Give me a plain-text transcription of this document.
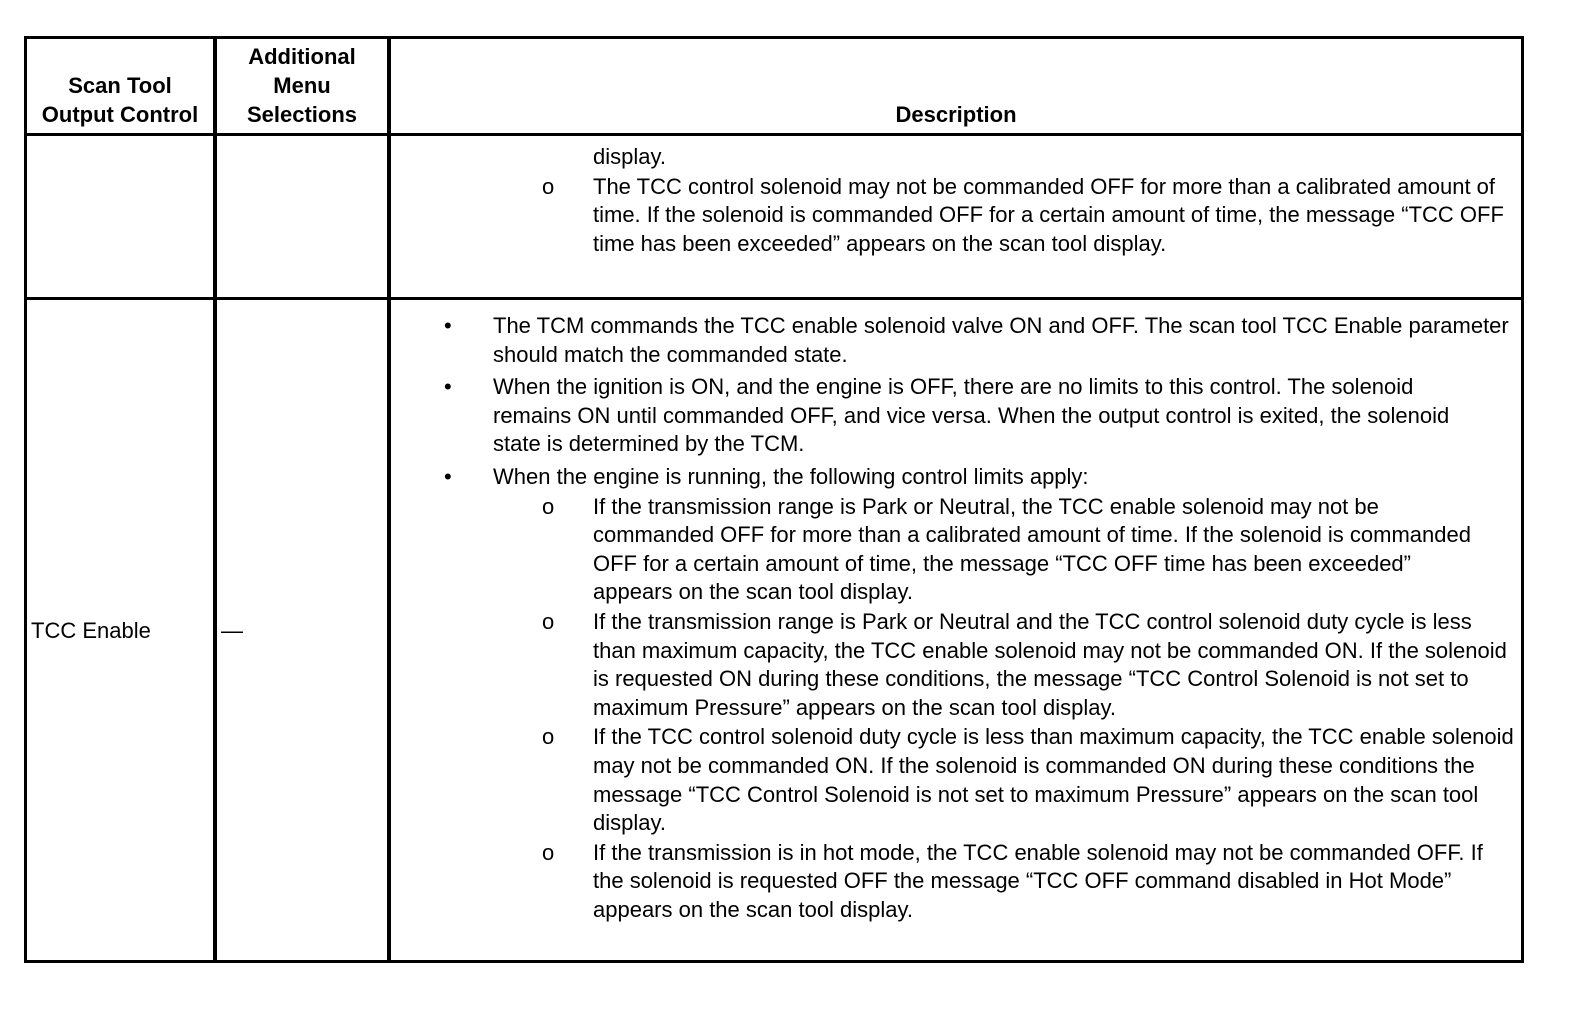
Scan Tool
Output Control
Additional
Menu
Selections	Description
display.
o The TCC control solenoid may not be commanded OFF for more than a calibrated amount of time. If the solenoid is commanded OFF for a certain amount of time, the message “TCC OFF time has been exceeded” appears on the scan tool display.
TCC Enable	—
• The TCM commands the TCC enable solenoid valve ON and OFF. The scan tool TCC Enable parameter should match the commanded state.
• When the ignition is ON, and the engine is OFF, there are no limits to this control. The solenoid remains ON until commanded OFF, and vice versa. When the output control is exited, the solenoid state is determined by the TCM.
• When the engine is running, the following control limits apply:
o If the transmission range is Park or Neutral, the TCC enable solenoid may not be commanded OFF for more than a calibrated amount of time. If the solenoid is commanded OFF for a certain amount of time, the message “TCC OFF time has been exceeded” appears on the scan tool display.
o If the transmission range is Park or Neutral and the TCC control solenoid duty cycle is less than maximum capacity, the TCC enable solenoid may not be commanded ON. If the solenoid is requested ON during these conditions, the message “TCC Control Solenoid is not set to maximum Pressure” appears on the scan tool display.
o If the TCC control solenoid duty cycle is less than maximum capacity, the TCC enable solenoid may not be commanded ON. If the solenoid is commanded ON during these conditions the message “TCC Control Solenoid is not set to maximum Pressure” appears on the scan tool display.
o If the transmission is in hot mode, the TCC enable solenoid may not be commanded OFF. If the solenoid is requested OFF the message “TCC OFF command disabled in Hot Mode” appears on the scan tool display.
